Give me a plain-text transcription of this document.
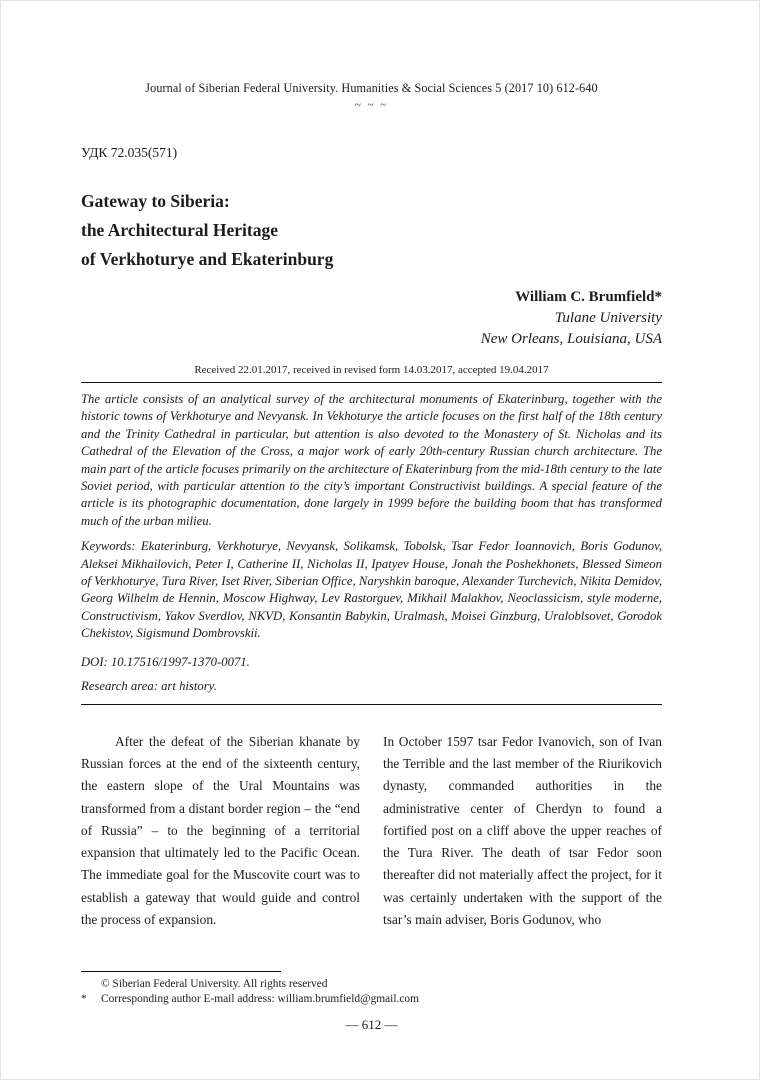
Journal of Siberian Federal University. Humanities & Social Sciences 5 (2017 10) 612-640
~ ~ ~
УДК 72.035(571)
Gateway to Siberia:
the Architectural Heritage
of Verkhoturye and Ekaterinburg
William C. Brumfield*
Tulane University
New Orleans, Louisiana, USA
Received 22.01.2017, received in revised form 14.03.2017, accepted 19.04.2017
The article consists of an analytical survey of the architectural monuments of Ekaterinburg, together with the historic towns of Verkhoturye and Nevyansk. In Vekhoturye the article focuses on the first half of the 18th century and the Trinity Cathedral in particular, but attention is also devoted to the Monastery of St. Nicholas and its Cathedral of the Elevation of the Cross, a major work of early 20th-century Russian church architecture. The main part of the article focuses primarily on the architecture of Ekaterinburg from the mid-18th century to the late Soviet period, with particular attention to the city’s important Constructivist buildings. A special feature of the article is its photographic documentation, done largely in 1999 before the building boom that has transformed much of the urban milieu.
Keywords: Ekaterinburg, Verkhoturye, Nevyansk, Solikamsk, Tobolsk, Tsar Fedor Ioannovich, Boris Godunov, Aleksei Mikhailovich, Peter I, Catherine II, Nicholas II, Ipatyev House, Jonah the Poshekhonets, Blessed Simeon of Verkhoturye, Tura River, Iset River, Siberian Office, Naryshkin baroque, Alexander Turchevich, Nikita Demidov, Georg Wilhelm de Hennin, Moscow Highway, Lev Rastorguev, Mikhail Malakhov, Neoclassicism, style moderne, Constructivism, Yakov Sverdlov, NKVD, Konsantin Babykin, Uralmash, Moisei Ginzburg, Uraloblsovet, Gorodok Chekistov, Sigismund Dombrovskii.
DOI: 10.17516/1997-1370-0071.
Research area: art history.
After the defeat of the Siberian khanate by Russian forces at the end of the sixteenth century, the eastern slope of the Ural Mountains was transformed from a distant border region – the “end of Russia” – to the beginning of a territorial expansion that ultimately led to the Pacific Ocean. The immediate goal for the Muscovite court was to establish a gateway that would guide and control the process of expansion.
In October 1597 tsar Fedor Ivanovich, son of Ivan the Terrible and the last member of the Riurikovich dynasty, commanded authorities in the administrative center of Cherdyn to found a fortified post on a cliff above the upper reaches of the Tura River. The death of tsar Fedor soon thereafter did not materially affect the project, for it was certainly undertaken with the support of the tsar’s main adviser, Boris Godunov, who
© Siberian Federal University. All rights reserved
*	Corresponding author E-mail address: william.brumfield@gmail.com
— 612 —
